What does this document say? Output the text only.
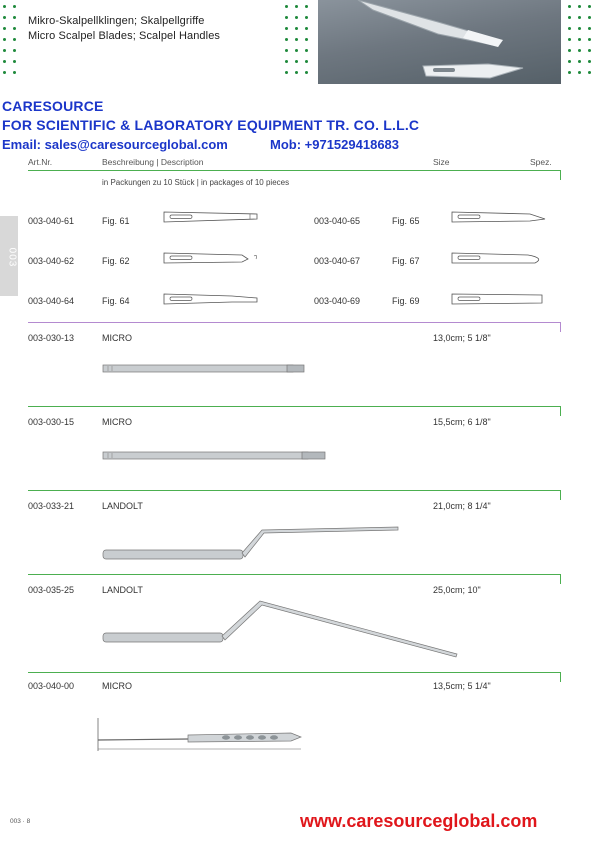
Mikro-Skalpellklingen; Skalpellgriffe
Micro Scalpel Blades; Scalpel Handles
CARESOURCE
FOR SCIENTIFIC & LABORATORY EQUIPMENT TR. CO. L.L.C
Email: sales@caresourceglobal.com	Mob: +971529418683
Art.Nr.	Beschreibung | Description	Size	Spez.
in Packungen zu 10 Stück | in packages of 10 pieces
003
003-040-61	Fig. 61	003-040-65	Fig. 65
003-040-62	Fig. 62	003-040-67	Fig. 67
003-040-64	Fig. 64	003-040-69	Fig. 69
003-030-13	MICRO	13,0cm; 5 1/8"
003-030-15	MICRO	15,5cm; 6 1/8"
003-033-21	LANDOLT	21,0cm; 8 1/4"
003-035-25	LANDOLT	25,0cm; 10"
003-040-00	MICRO	13,5cm; 5 1/4"
003 · 8	www.caresourceglobal.com
